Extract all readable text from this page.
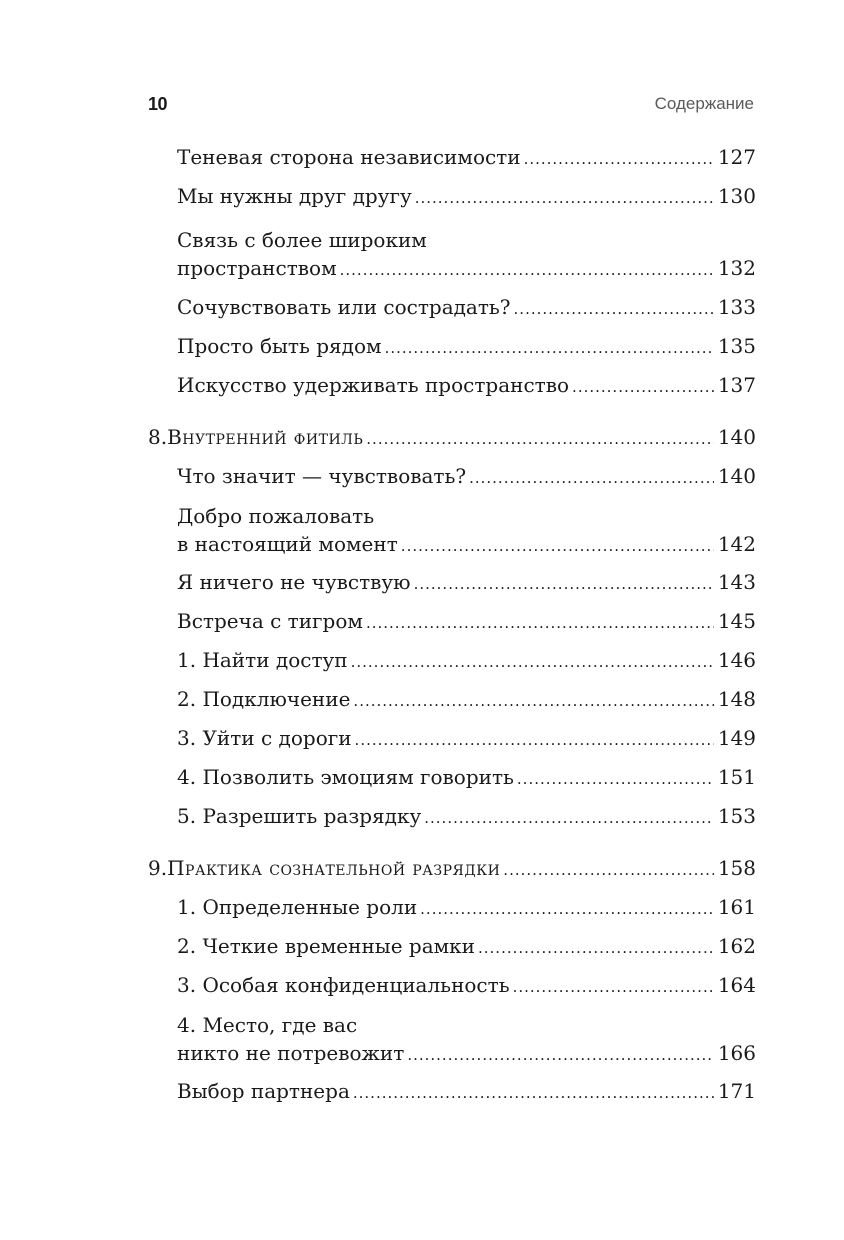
10	Содержание
Теневая сторона независимости .....	127
Мы нужны друг другу .....	130
Связь с более широким
пространством .....	132
Сочувствовать или сострадать? .....	133
Просто быть рядом .....	135
Искусство удерживать пространство .....	137
8. Внутренний фитиль .....	140
Что значит — чувствовать? .....	140
Добро пожаловать
в настоящий момент .....	142
Я ничего не чувствую .....	143
Встреча с тигром .....	145
1. Найти доступ .....	146
2. Подключение .....	148
3. Уйти с дороги .....	149
4. Позволить эмоциям говорить .....	151
5. Разрешить разрядку .....	153
9. Практика сознательной разрядки .....	158
1. Определенные роли .....	161
2. Четкие временные рамки .....	162
3. Особая конфиденциальность .....	164
4. Место, где вас
никто не потревожит .....	166
Выбор партнера .....	171
